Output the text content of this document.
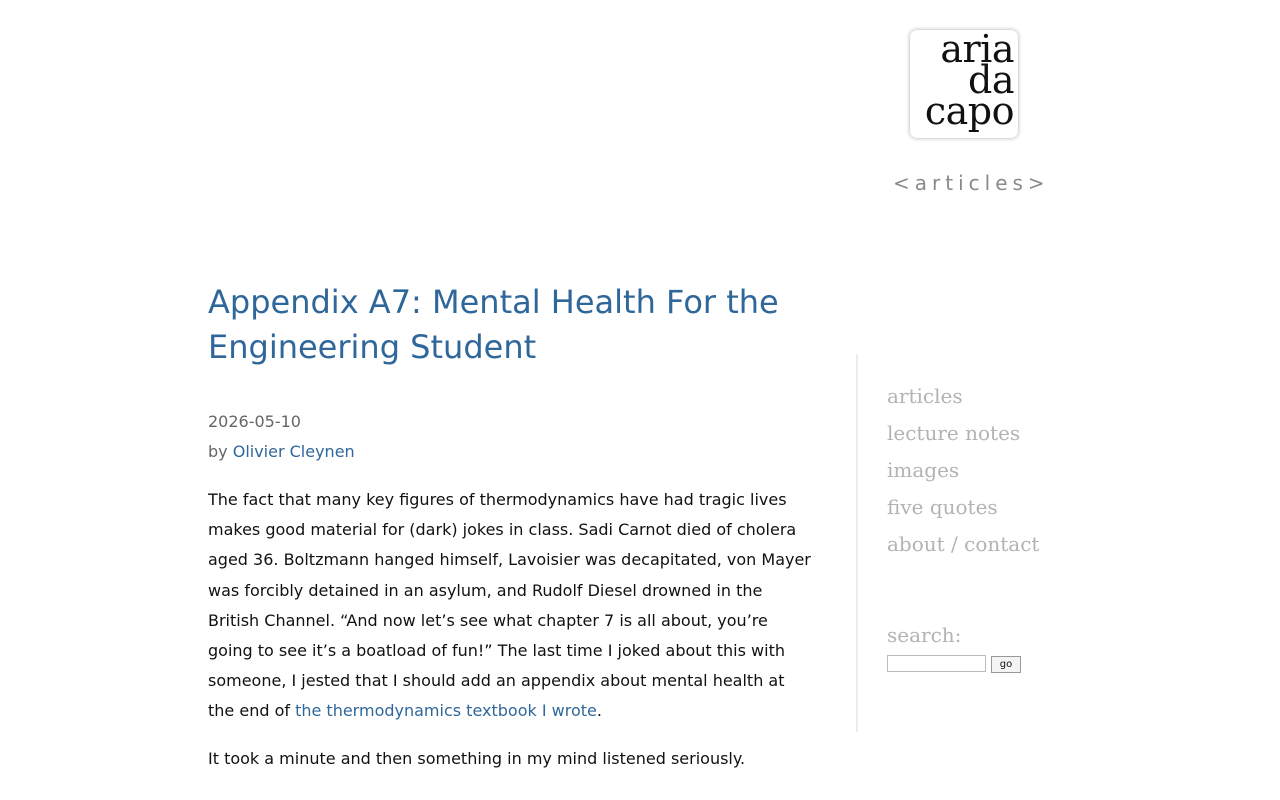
aria
da
capo
<articles>
Appendix A7: Mental Health For the Engineering Student
2026-05-10
by Olivier Cleynen

The fact that many key figures of thermodynamics have had tragic lives makes good material for (dark) jokes in class. Sadi Carnot died of cholera aged 36. Boltzmann hanged himself, Lavoisier was decapitated, von Mayer was forcibly detained in an asylum, and Rudolf Diesel drowned in the British Channel. “And now let’s see what chapter 7 is all about, you’re going to see it’s a boatload of fun!” The last time I joked about this with someone, I jested that I should add an appendix about mental health at the end of the thermodynamics textbook I wrote.

It took a minute and then something in my mind listened seriously.

articles
lecture notes
images
five quotes
about / contact
search:
go
